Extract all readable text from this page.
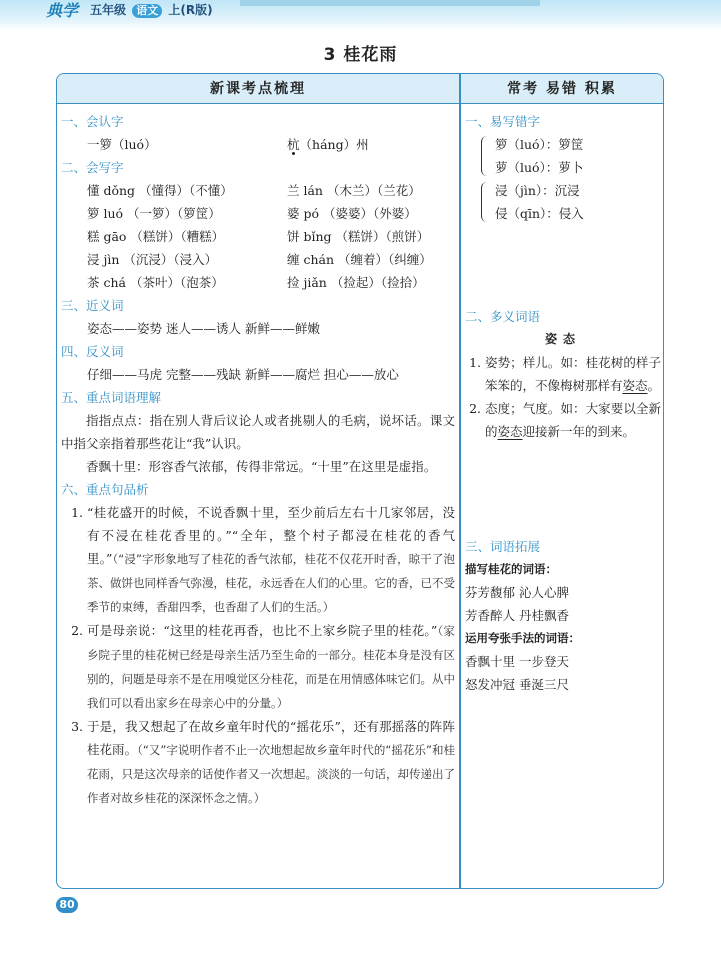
典学 五年级 语文 上(R版)
3 桂花雨
新课考点梳理	常考 易错 积累
一、会认字
一箩（luó）	杭（háng）州
二、会写字
懂 dǒng （懂得）（不懂）	兰 lán （木兰）（兰花）
箩 luó （一箩）（箩筐）	婆 pó （婆婆）（外婆）
糕 gāo （糕饼）（糟糕）	饼 bǐng （糕饼）（煎饼）
浸 jìn （沉浸）（浸入）	缠 chán （缠着）（纠缠）
茶 chá （茶叶）（泡茶）	捡 jiǎn （捡起）（捡拾）
三、近义词
姿态——姿势 迷人——诱人 新鲜——鲜嫩
四、反义词
仔细——马虎 完整——残缺 新鲜——腐烂 担心——放心
五、重点词语理解
指指点点：指在别人背后议论人或者挑剔人的毛病，说坏话。课文中指父亲指着那些花让“我”认识。
香飘十里：形容香气浓郁，传得非常远。“十里”在这里是虚指。
六、重点句品析
1. “桂花盛开的时候，不说香飘十里，至少前后左右十几家邻居，没有不浸在桂花香里的。”“全年，整个村子都浸在桂花的香气里。”（“浸”字形象地写了桂花的香气浓郁，桂花不仅花开时香，晾干了泡茶、做饼也同样香气弥漫，桂花，永远香在人们的心里。它的香，已不受季节的束缚，香甜四季，也香甜了人们的生活。）
2. 可是母亲说：“这里的桂花再香，也比不上家乡院子里的桂花。”（家乡院子里的桂花树已经是母亲生活乃至生命的一部分。桂花本身是没有区别的，问题是母亲不是在用嗅觉区分桂花，而是在用情感体味它们。从中我们可以看出家乡在母亲心中的分量。）
3. 于是，我又想起了在故乡童年时代的“摇花乐”，还有那摇落的阵阵桂花雨。（“又”字说明作者不止一次地想起故乡童年时代的“摇花乐”和桂花雨，只是这次母亲的话使作者又一次想起。淡淡的一句话，却传递出了作者对故乡桂花的深深怀念之情。）
一、易写错字
箩（luó）：箩筐
萝（luó）：萝卜
浸（jìn）：沉浸
侵（qīn）：侵入
二、多义词语
姿态
1. 姿势；样儿。如：桂花树的样子笨笨的，不像梅树那样有姿态。
2. 态度；气度。如：大家要以全新的姿态迎接新一年的到来。
三、词语拓展
描写桂花的词语：
芬芳馥郁 沁人心脾
芳香醉人 丹桂飘香
运用夸张手法的词语：
香飘十里 一步登天
怒发冲冠 垂涎三尺
80
